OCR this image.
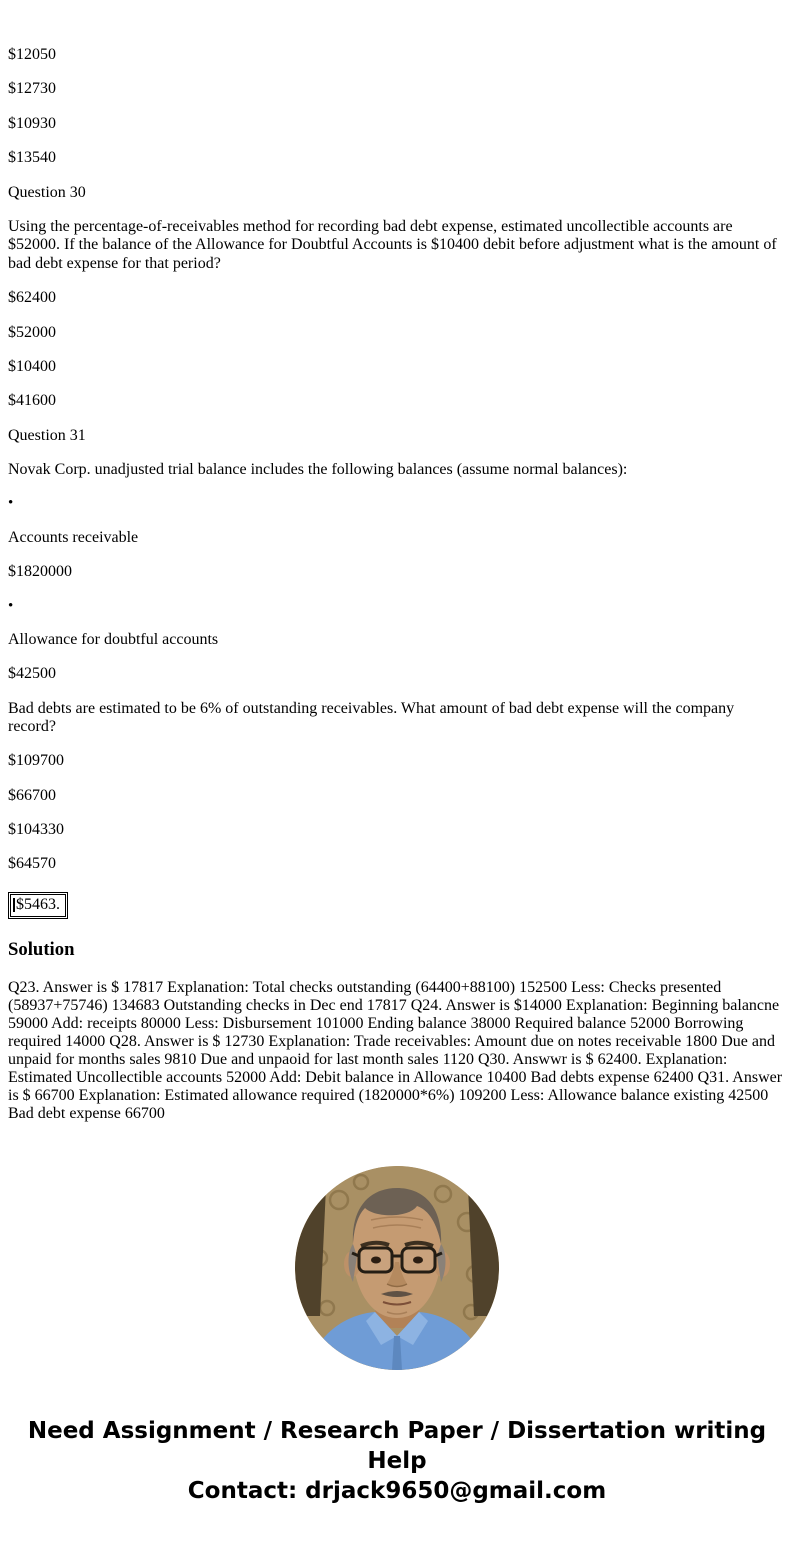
$12050

$12730

$10930

$13540

Question 30

Using the percentage-of-receivables method for recording bad debt expense, estimated uncollectible accounts are $52000. If the balance of the Allowance for Doubtful Accounts is $10400 debit before adjustment what is the amount of bad debt expense for that period?

$62400

$52000

$10400

$41600

Question 31

Novak Corp. unadjusted trial balance includes the following balances (assume normal balances):

•

Accounts receivable

$1820000

•

Allowance for doubtful accounts

$42500

Bad debts are estimated to be 6% of outstanding receivables. What amount of bad debt expense will the company record?

$109700

$66700

$104330

$64570

$5463.
Solution

Q23. Answer is $ 17817 Explanation: Total checks outstanding (64400+88100) 152500 Less: Checks presented (58937+75746) 134683 Outstanding checks in Dec end 17817 Q24. Answer is $14000 Explanation: Beginning balancne 59000 Add: receipts 80000 Less: Disbursement 101000 Ending balance 38000 Required balance 52000 Borrowing required 14000 Q28. Answer is $ 12730 Explanation: Trade receivables: Amount due on notes receivable 1800 Due and unpaid for months sales 9810 Due and unpaoid for last month sales 1120 Q30. Answwr is $ 62400. Explanation: Estimated Uncollectible accounts 52000 Add: Debit balance in Allowance 10400 Bad debts expense 62400 Q31. Answer is $ 66700 Explanation: Estimated allowance required (1820000*6%) 109200 Less: Allowance balance existing 42500 Bad debt expense 66700

Need Assignment / Research Paper / Dissertation writing Help
Contact: drjack9650@gmail.com
